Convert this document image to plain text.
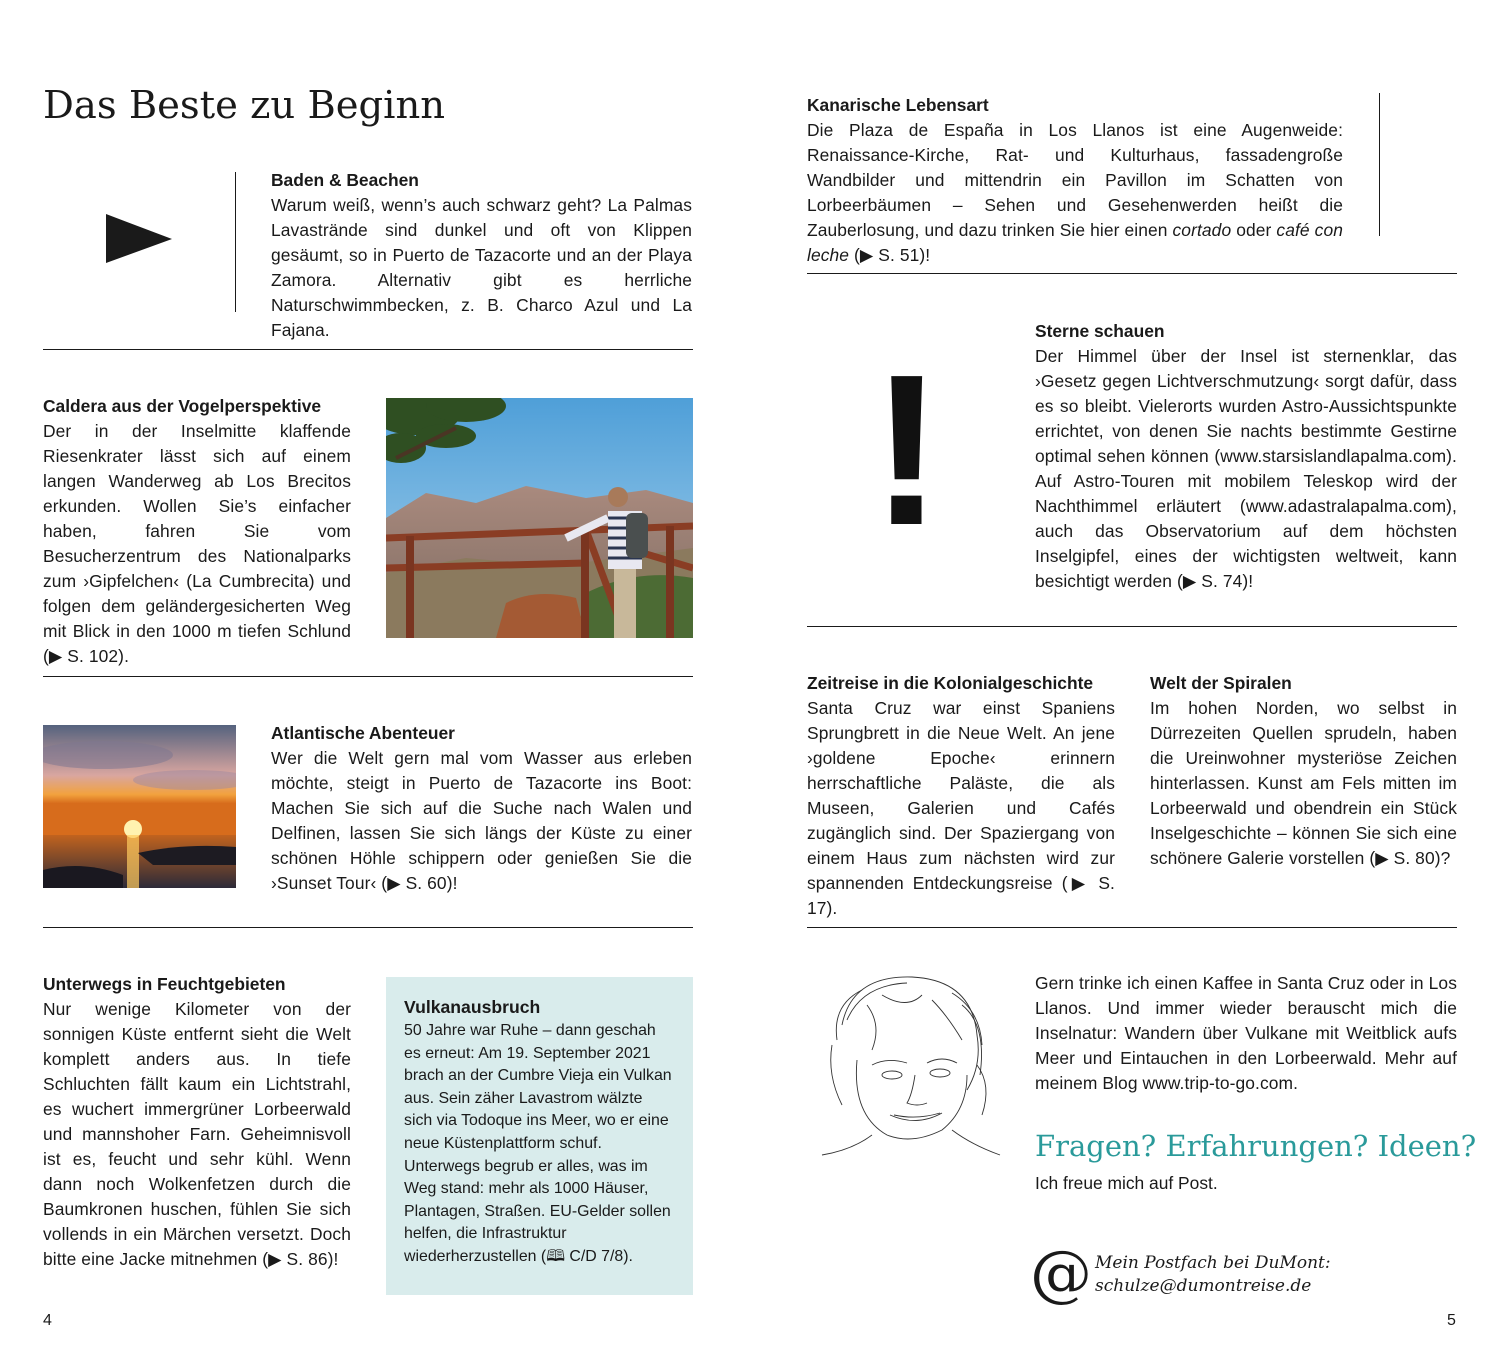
Das Beste zu Beginn

Baden & Beachen

Warum weiß, wenn’s auch schwarz geht? La Palmas Lavastrände sind dunkel und oft von Klippen gesäumt, so in Puerto de Tazacorte und an der Playa Zamora. Alternativ gibt es herrliche Naturschwimmbecken, z. B. Charco Azul und La Fajana.

Caldera aus der Vogelperspektive

Der in der Inselmitte klaffende Riesenkrater lässt sich auf einem langen Wanderweg ab Los Brecitos erkunden. Wollen Sie’s einfacher haben, fahren Sie vom Besucherzentrum des Nationalparks zum ›Gipfelchen‹ (La Cumbrecita) und folgen dem geländergesicherten Weg mit Blick in den 1000 m tiefen Schlund (▶ S. 102).

Atlantische Abenteuer

Wer die Welt gern mal vom Wasser aus erleben möchte, steigt in Puerto de Tazacorte ins Boot: Machen Sie sich auf die Suche nach Walen und Delfinen, lassen Sie sich längs der Küste zu einer schönen Höhle schippern oder genießen Sie die ›Sunset Tour‹ (▶ S. 60)!

Unterwegs in Feuchtgebieten

Nur wenige Kilometer von der sonnigen Küste entfernt sieht die Welt komplett anders aus. In tiefe Schluchten fällt kaum ein Lichtstrahl, es wuchert immergrüner Lorbeerwald und mannshoher Farn. Geheimnisvoll ist es, feucht und sehr kühl. Wenn dann noch Wolkenfetzen durch die Baumkronen huschen, fühlen Sie sich vollends in ein Märchen versetzt. Doch bitte eine Jacke mitnehmen (▶ S. 86)!

Vulkanausbruch

50 Jahre war Ruhe – dann geschah es erneut: Am 19. September 2021 brach an der Cumbre Vieja ein Vulkan aus. Sein zäher Lavastrom wälzte sich via Todoque ins Meer, wo er eine neue Küstenplattform schuf. Unterwegs begrub er alles, was im Weg stand: mehr als 1000 Häuser, Plantagen, Straßen. EU-Gelder sollen helfen, die Infrastruktur wiederherzustellen (🕮 C/D 7/8).

4

Kanarische Lebensart

Die Plaza de España in Los Llanos ist eine Augenweide: Renaissance-Kirche, Rat- und Kulturhaus, fassadengroße Wandbilder und mittendrin ein Pavillon im Schatten von Lorbeerbäumen – Sehen und Gesehenwerden heißt die Zauberlosung, und dazu trinken Sie hier einen cortado oder café con leche (▶ S. 51)!

!	Sterne schauen

Der Himmel über der Insel ist sternenklar, das ›Gesetz gegen Lichtverschmutzung‹ sorgt dafür, dass es so bleibt. Vielerorts wurden Astro-Aussichtspunkte errichtet, von denen Sie nachts bestimmte Gestirne optimal sehen können (www.starsislandlapalma.com). Auf Astro-Touren mit mobilem Teleskop wird der Nachthimmel erläutert (www.adastralapalma.com), auch das Observatorium auf dem höchsten Inselgipfel, eines der wichtigsten weltweit, kann besichtigt werden (▶ S. 74)!

Zeitreise in die Kolonialgeschichte

Santa Cruz war einst Spaniens Sprungbrett in die Neue Welt. An jene ›goldene Epoche‹ erinnern herrschaftliche Paläste, die als Museen, Galerien und Cafés zugänglich sind. Der Spaziergang von einem Haus zum nächsten wird zur spannenden Entdeckungsreise (▶ S. 17).

Welt der Spiralen

Im hohen Norden, wo selbst in Dürrezeiten Quellen sprudeln, haben die Ureinwohner mysteriöse Zeichen hinterlassen. Kunst am Fels mitten im Lorbeerwald und obendrein ein Stück Inselgeschichte – können Sie sich eine schönere Galerie vorstellen (▶ S. 80)?

Gern trinke ich einen Kaffee in Santa Cruz oder in Los Llanos. Und immer wieder berauscht mich die Inselnatur: Wandern über Vulkane mit Weitblick aufs Meer und Eintauchen in den Lorbeerwald. Mehr auf meinem Blog www.trip-to-go.com.

Fragen? Erfahrungen? Ideen?
Ich freue mich auf Post.
@ Mein Postfach bei DuMont:
schulze@dumontreise.de
5
